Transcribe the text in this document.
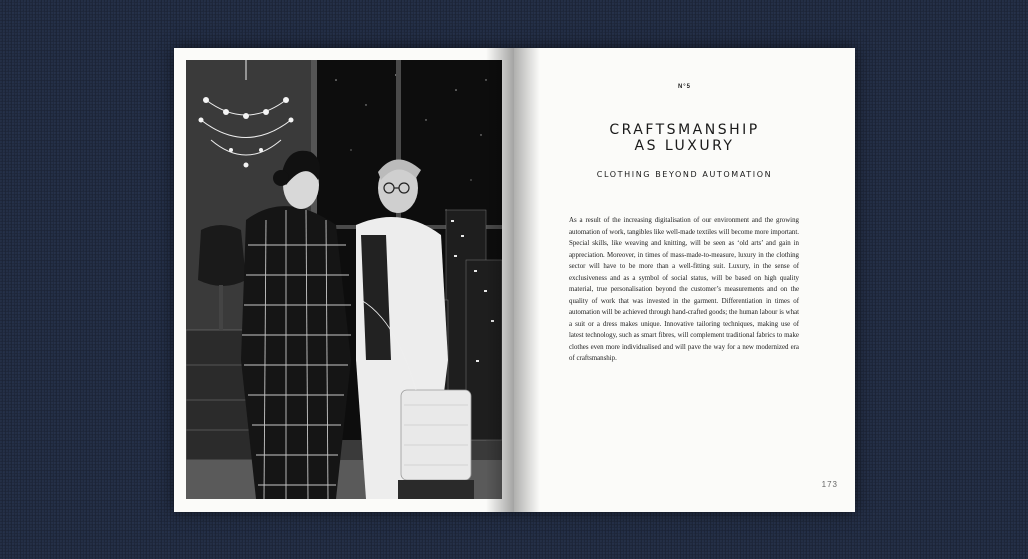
N°5
CRAFTSMANSHIP
AS LUXURY
CLOTHING BEYOND AUTOMATION

As a result of the increasing digitalisation of our environment and the growing automation of work, tangibles like well-made textiles will become more important. Special skills, like weaving and knitting, will be seen as ‘old arts’ and gain in appreciation. Moreover, in times of mass-made-to-measure, luxury in the clothing sector will have to be more than a well-fitting suit. Luxury, in the sense of exclusiveness and as a symbol of social status, will be based on high quality material, true personalisation beyond the customer’s measurements and on the quality of work that was invested in the garment. Differentiation in times of automation will be achieved through hand-crafted goods; the human labour is what a suit or a dress makes unique. Innovative tailoring techniques, making use of latest technology, such as smart fibres, will complement traditional fabrics to make clothes even more individualised and will pave the way for a new modernized era of craftsmanship.

173
